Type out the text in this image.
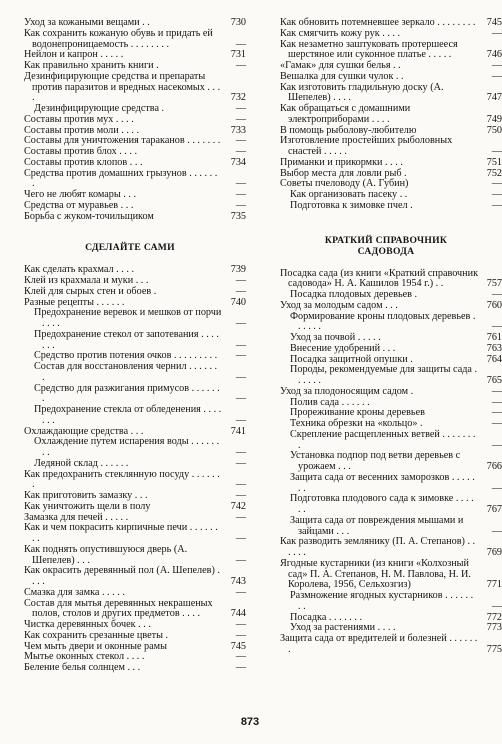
Уход за кожаными вещами . .	730
Как сохранить кожаную обувь и придать ей водонепроницаемость . . . . . . . .	—
Нейлон и капрон . . . . .	731
Как правильно хранить книги .	—
Дезинфицирующие средства и препараты против паразитов и вредных насекомых . . . .	732
Дезинфицирующие средства .	—
Составы против мух . . . .	—
Составы против моли . . . .	733
Составы для уничтожения тараканов . . . . . . . —
Составы против блох . . . .	—
Составы против клопов . . .	734
Средства против домашних грызунов . . . . . . .	—
Чего не любят комары . . .	—
Средства от муравьев . . .	—
Борьба с жуком-точильщиком	735
СДЕЛАЙТЕ САМИ
Как сделать крахмал . . . .	739
Клей из крахмала и муки . . .	—
Клей для сырых стен и обоев .	—
Разные рецепты . . . . . .	740
Предохранение веревок и мешков от порчи . . . .	—
Предохранение стекол от запотевания . . . . . . .	—
Средство против потения очков . . . . . . . . . —
Состав для восстановления чернил . . . . . . .	—
Средство для разжигания примусов . . . . . . .	—
Предохранение стекла от обледенения . . . . . . .	—
Охлаждающие средства . . .	741
Охлаждение путем испарения воды . . . . . . . .	—
Ледяной склад . . . . . .	—
Как предохранить стеклянную посуду . . . . . . .	—
Как приготовить замазку . . .	—
Как уничтожить щели в полу	742
Замазка для печей . . . . .	—
Как и чем покрасить кирпичные печи . . . . . . . .	—
Как поднять опустившуюся дверь (А. Шепелев) . . .	—
Как окрасить деревянный пол (А. Шепелев) . . . .	743
Смазка для замка . . . . .	—
Состав для мытья деревянных некрашеных полов, столов и других предметов . . . .	744
Чистка деревянных бочек . . .	—
Как сохранить срезанные цветы .	—
Чем мыть двери и оконные рамы	745
Мытье оконных стекол . . . .	—
Беление белья солнцем . . .	—
Как обновить потемневшее зеркало . . . . . . . . 745
Как смягчить кожу рук . . . .	—
Как незаметно заштуковать протершееся шерстяное или суконное платье . . . . .	746
«Гамак» для сушки белья . .	—
Вешалка для сушки чулок . .	—
Как изготовить гладильную доску (А. Шепелев) . . . .	747
Как обращаться с домашними электроприборами . . . .	749
В помощь рыболову-любителю	750
Изготовление простейших рыболовных снастей . . . . .	—
Приманки и прикормки . . . .	751
Выбор места для ловли рыб .	752
Советы пчеловоду (А. Губин)	—
Как организовать пасеку . .	—
Подготовка к зимовке пчел .	—
КРАТКИЙ СПРАВОЧНИК
САДОВОДА
Посадка сада (из книги «Краткий справочник садовода» Н. А. Кашилов 1954 г.) . .	757
Посадка плодовых деревьев .	—
Уход за молодым садом . . .	760
Формирование кроны плодовых деревьев . . . . . .	—
Уход за почвой . . . . .	761
Внесение удобрений . . .	763
Посадка защитной опушки .	764
Породы, рекомендуемые для защиты сада . . . . . .	765
Уход за плодоносящим садом .	—
Полив сада . . . . . .	—
Прореживание кроны деревьев	—
Техника обрезки на «кольцо» .	—
Скрепление расщепленных ветвей . . . . . . . .	—
Установка подпор под ветви деревьев с урожаем . . .	766
Защита сада от весенних заморозков . . . . . . .	—
Подготовка плодового сада к зимовке . . . . . .	767
Защита сада от повреждения мышами и зайцами . . .	—
Как разводить землянику (П. А. Степанов) . . . . . .	769
Ягодные кустарники (из книги «Колхозный сад» П. А. Степанов, Н. М. Павлова, Н. И. Королева, 1956, Сельхозгиз)	771
Размножение ягодных кустарников . . . . . . . .	—
Посадка . . . . . . .	772
Уход за растениями . . . .	773
Защита сада от вредителей и болезней . . . . . . .	775
873
